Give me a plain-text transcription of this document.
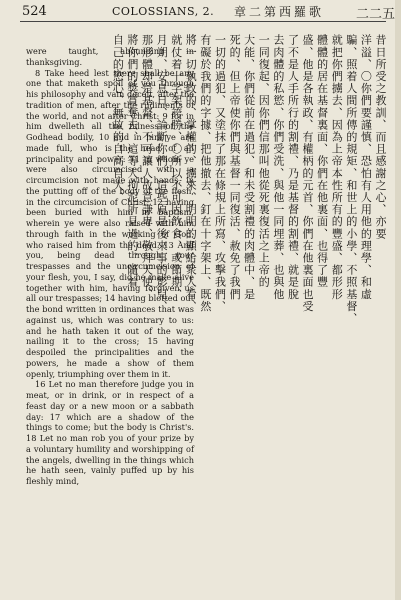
524	COLOSSIANS, 2. 章二第西羅歌 二二五

were taught, abounding in thanksgiving.

8 Take heed lest there shall be any one that maketh spoil of you through his philosophy and vain deceit, after the tradition of men, after the rudiments of the world, and not after Christ: 9 for in him dwelleth all the fulness of the Godhead bodily, 10 and in him ye are made full, who is the head of all principality and power: 11 in whom ye were also circumcised with a circumcision not made with hands, in the putting off of the body of the flesh, in the circumcision of Christ; 12 having been buried with him in baptism, wherein ye were also raised with him through faith in the working of God, who raised him from the dead. 13 And you, being dead through your trespasses and the uncircumcision of your flesh, you, I say, did he make alive together with him, having forgiven us all our trespasses; 14 having blotted out the bond written in ordinances that was against us, which was contrary to us: and he hath taken it out of the way, nailing it to the cross; 15 having despoiled the principalities and the powers, he made a show of them openly, triumphing over them in it.

16 Let no man therefore judge you in meat, or in drink, or in respect of a feast day or a new moon or a sabbath day: 17 which are a shadow of the things to come; but the body is Christ's. 18 Let no man rob you of your prize by a voluntary humility and worshipping of the angels, dwelling in the things which he hath seen, vainly puffed up by his fleshly mind,

昔日所受之教訓、而且感謝之心、亦要
洋溢、〇你們要謹慎、恐怕有人用他的理學、和虛
騙、照着人間所傳的規矩、和世上的小學、不照基督、
就把你們擄去、因為上帝本性所有的豐盛、都形形
體體的居在基督裏面、你們在他裏面、也得了豐
盛、他是各執政、有權柄的元首、你們在他裏面也受
了不是人手所行的割禮、乃是基督的割禮、就是脫
去肉體的私慾、你們受洗、與他一同埋葬、也與他
一同復起、因你們信那叫他從死裏復活之上帝的
大能、你們從前在過犯、和未受割禮的肉體中、是
死的、但上帝使你們與基督一同復活、赦免了我們
一切的過犯、又塗抹了那在條規上所寫、攻擊我們、
有礙於我們的字據、把他撤去、釘在十字架上、既然
將一切執政的、掌權的、擄來、明明的顯給衆人看、
就仗着十字架誇勝、〇所以不可因飲食、或節期、
月朔、安息日、論斷你們、這些原是後來事的影兒、
那形體却是基督、不可讓人故意謙卑、敬拜天使、
將你們的獎賞奪去、這等人拘泥所見過的、隨着
自己的慾心、無故的自高自大、
